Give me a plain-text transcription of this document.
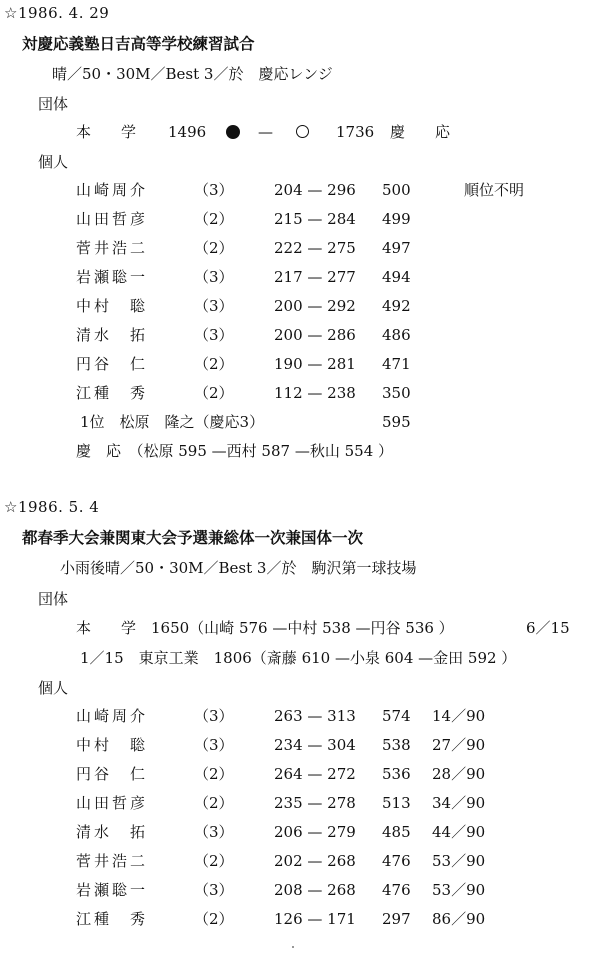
☆1986. 4. 29
対慶応義塾日吉高等学校練習試合
晴／50・30M／Best 3／於　慶応レンジ
団体
本　　学 1496	—	1736 慶　　応
個人
山崎周介	（3）	204 — 296 500	順位不明
山田哲彦	（2）	215 — 284 499
菅井浩二	（2）	222 — 275 497
岩瀬聡一	（3）	217 — 277 494
中村　聡	（3）	200 — 292 492
清水　拓	（3）	200 — 286 486
円谷　仁	（2）	190 — 281 471
江種　秀	（2）	112 — 238 350
1位　松原　隆之（慶応3）	595
慶　応　（松原 595 —西村 587 —秋山 554 ）
☆1986. 5. 4
都春季大会兼関東大会予選兼総体一次兼国体一次
小雨後晴／50・30M／Best 3／於　駒沢第一球技場
団体
本　　学　1650（山崎 576 —中村 538 —円谷 536 ）	6／15
1／15　東京工業　1806（斎藤 610 —小泉 604 —金田 592 ）
個人
山崎周介	（3）	263 — 313 574 14／90
中村　聡	（3）	234 — 304 538 27／90
円谷　仁	（2）	264 — 272 536 28／90
山田哲彦	（2）	235 — 278 513 34／90
清水　拓	（3）	206 — 279 485 44／90
菅井浩二	（2）	202 — 268 476 53／90
岩瀬聡一	（3）	208 — 268 476 53／90
江種　秀	（2）	126 — 171 297 86／90
